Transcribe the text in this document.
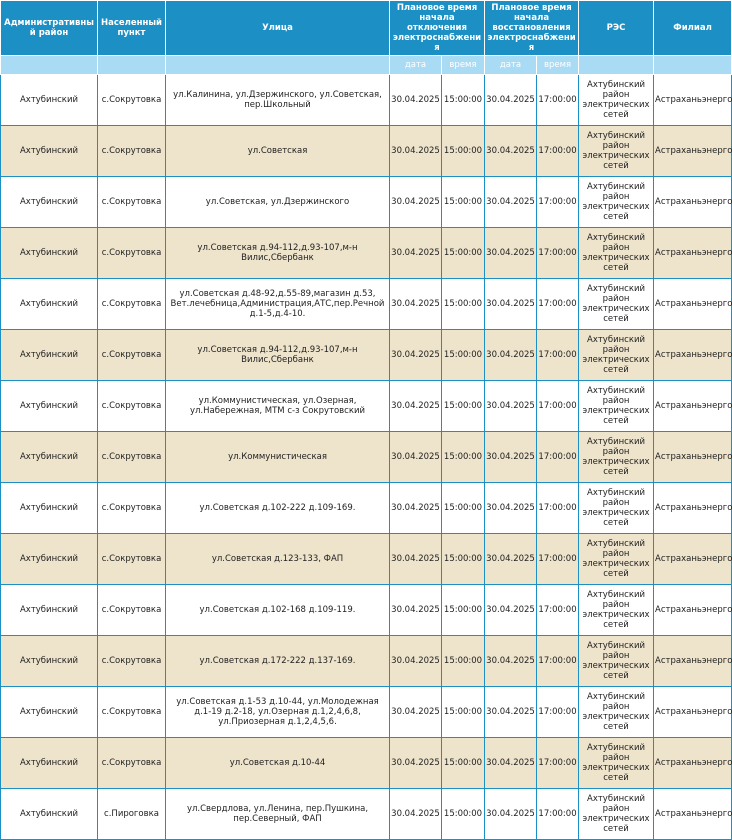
Административный район	Населенный пункт	Улица	Плановое время начала отключения электроснабжения		Плановое время начала восстановления электроснабжения		РЭС	Филиал
			дата	время	дата	время		
Ахтубинский	с.Сокрутовка	ул.Калинина, ул.Дзержинского, ул.Советская, пер.Школьный	30.04.2025	15:00:00	30.04.2025	17:00:00	Ахтубинский район электрических сетей	Астраханьэнерго
Ахтубинский	с.Сокрутовка	ул.Советская	30.04.2025	15:00:00	30.04.2025	17:00:00	Ахтубинский район электрических сетей	Астраханьэнерго
Ахтубинский	с.Сокрутовка	ул.Советская, ул.Дзержинского	30.04.2025	15:00:00	30.04.2025	17:00:00	Ахтубинский район электрических сетей	Астраханьэнерго
Ахтубинский	с.Сокрутовка	ул.Советская д.94-112,д.93-107,м-н Вилис,Сбербанк	30.04.2025	15:00:00	30.04.2025	17:00:00	Ахтубинский район электрических сетей	Астраханьэнерго
Ахтубинский	с.Сокрутовка	ул.Советская д.48-92,д.55-89,магазин д.53, Вет.лечебница,Администрация,АТС,пер.Речной д.1-5,д.4-10.	30.04.2025	15:00:00	30.04.2025	17:00:00	Ахтубинский район электрических сетей	Астраханьэнерго
Ахтубинский	с.Сокрутовка	ул.Советская д.94-112,д.93-107,м-н Вилис,Сбербанк	30.04.2025	15:00:00	30.04.2025	17:00:00	Ахтубинский район электрических сетей	Астраханьэнерго
Ахтубинский	с.Сокрутовка	ул.Коммунистическая, ул.Озерная, ул.Набережная, МТМ с-з Сокрутовский	30.04.2025	15:00:00	30.04.2025	17:00:00	Ахтубинский район электрических сетей	Астраханьэнерго
Ахтубинский	с.Сокрутовка	ул.Коммунистическая	30.04.2025	15:00:00	30.04.2025	17:00:00	Ахтубинский район электрических сетей	Астраханьэнерго
Ахтубинский	с.Сокрутовка	ул.Советская д.102-222 д.109-169.	30.04.2025	15:00:00	30.04.2025	17:00:00	Ахтубинский район электрических сетей	Астраханьэнерго
Ахтубинский	с.Сокрутовка	ул.Советская д.123-133, ФАП	30.04.2025	15:00:00	30.04.2025	17:00:00	Ахтубинский район электрических сетей	Астраханьэнерго
Ахтубинский	с.Сокрутовка	ул.Советская д.102-168 д.109-119.	30.04.2025	15:00:00	30.04.2025	17:00:00	Ахтубинский район электрических сетей	Астраханьэнерго
Ахтубинский	с.Сокрутовка	ул.Советская д.172-222 д.137-169.	30.04.2025	15:00:00	30.04.2025	17:00:00	Ахтубинский район электрических сетей	Астраханьэнерго
Ахтубинский	с.Сокрутовка	ул.Советская д.1-53 д.10-44, ул.Молодежная д.1-19 д.2-18, ул.Озерная д.1,2,4,6,8, ул.Приозерная д.1,2,4,5,6.	30.04.2025	15:00:00	30.04.2025	17:00:00	Ахтубинский район электрических сетей	Астраханьэнерго
Ахтубинский	с.Сокрутовка	ул.Советская д.10-44	30.04.2025	15:00:00	30.04.2025	17:00:00	Ахтубинский район электрических сетей	Астраханьэнерго
Ахтубинский	с.Пироговка	ул.Свердлова, ул.Ленина, пер.Пушкина, пер.Северный, ФАП	30.04.2025	15:00:00	30.04.2025	17:00:00	Ахтубинский район электрических сетей	Астраханьэнерго
